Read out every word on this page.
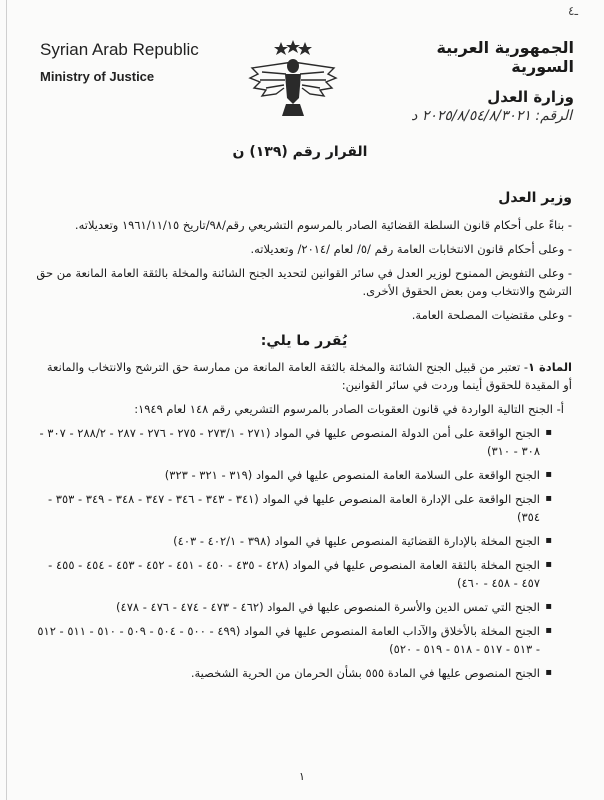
ـ٤
Syrian Arab Republic
Ministry of Justice
الجمهورية العربية السورية
وزارة العدل
الرقم: ٢٠٢٥/٨/٥٤/٨/٣٠٢١ د
القرار رقم (١٣٩) ن
وزير العدل

- بناءً على أحكام قانون السلطة القضائية الصادر بالمرسوم التشريعي رقم/٩٨/تاريخ ١٩٦١/١١/١٥ وتعديلاته.

- وعلى أحكام قانون الانتخابات العامة رقم /٥/ لعام /٢٠١٤/ وتعديلاته.

- وعلى التفويض الممنوح لوزير العدل في سائر القوانين لتحديد الجنح الشائنة والمخلة بالثقة العامة المانعة من حق الترشح والانتخاب ومن بعض الحقوق الأخرى.

- وعلى مقتضيات المصلحة العامة.

يُقرر ما يلي:

المادة ١- تعتبر من قبيل الجنح الشائنة والمخلة بالثقة العامة المانعة من ممارسة حق الترشح والانتخاب والمانعة أو المقيدة للحقوق أينما وردت في سائر القوانين:

أ- الجنح التالية الواردة في قانون العقوبات الصادر بالمرسوم التشريعي رقم ١٤٨ لعام ١٩٤٩:

▪ الجنح الواقعة على أمن الدولة المنصوص عليها في المواد (٢٧١ - ٢٧٣/١ - ٢٧٥ - ٢٧٦ - ٢٨٧ - ٢٨٨/٢ - ٣٠٧ - ٣٠٨ - ٣١٠)
▪ الجنح الواقعة على السلامة العامة المنصوص عليها في المواد (٣١٩ - ٣٢١ - ٣٢٣)
▪ الجنح الواقعة على الإدارة العامة المنصوص عليها في المواد (٣٤١ - ٣٤٣ - ٣٤٦ - ٣٤٧ - ٣٤٨ - ٣٤٩ - ٣٥٣ - ٣٥٤)
▪ الجنح المخلة بالإدارة القضائية المنصوص عليها في المواد (٣٩٨ - ٤٠٢/١ - ٤٠٣)
▪ الجنح المخلة بالثقة العامة المنصوص عليها في المواد (٤٢٨ - ٤٣٥ - ٤٥٠ - ٤٥١ - ٤٥٢ - ٤٥٣ - ٤٥٤ - ٤٥٥ - ٤٥٧ - ٤٥٨ - ٤٦٠)
▪ الجنح التي تمس الدين والأسرة المنصوص عليها في المواد (٤٦٢ - ٤٧٣ - ٤٧٤ - ٤٧٦ - ٤٧٨)
▪ الجنح المخلة بالأخلاق والآداب العامة المنصوص عليها في المواد (٤٩٩ - ٥٠٠ - ٥٠٤ - ٥٠٩ - ٥١٠ - ٥١١ - ٥١٢ - ٥١٣ - ٥١٧ - ٥١٨ - ٥١٩ - ٥٢٠)
▪ الجنح المنصوص عليها في المادة ٥٥٥ بشأن الحرمان من الحرية الشخصية.
١
